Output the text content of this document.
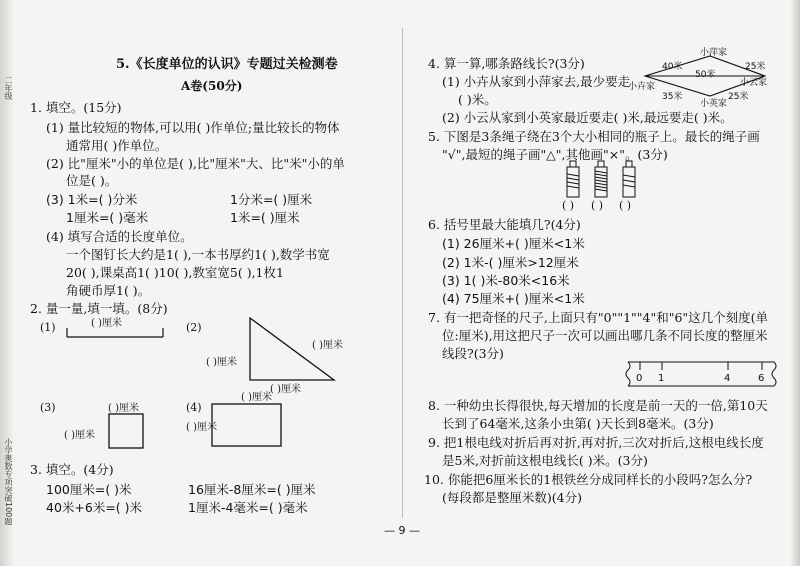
二年级
小学奥数专项突破100题
5.《长度单位的认识》专题过关检测卷
A卷(50分)
1. 填空。(15分)
(1) 量比较短的物体,可以用( )作单位;量比较长的物体
通常用( )作单位。
(2) 比"厘米"小的单位是( ),比"厘米"大、比"米"小的单
位是( )。
(3) 1米=( )分米	1分米=( )厘米
1厘米=( )毫米	1米=( )厘米
(4) 填写合适的长度单位。
一个图钉长大约是1( ),一本书厚约1( ),数学书宽
20( ),课桌高1( )10( ),教室宽5( ),1枚1
角硬币厚1( )。
2. 量一量,填一填。(8分)
(1)	(2)
(3)	(4)
( )厘米
( )厘米
( )厘米
( )厘米
( )厘米
( )厘米
( )厘米
( )厘米
3. 填空。(4分)
100厘米=( )米	16厘米-8厘米=( )厘米
40米+6米=( )米	1厘米-4毫米=( )毫米
4. 算一算,哪条路线长?(3分)
(1) 小卉从家到小萍家去,最少要走
( )米。
(2) 小云从家到小英家最近要走( )米,最远要走( )米。
小萍家
小卉家	小云家
小英家
40米	25米
50米
35米	25米
5. 下图是3条绳子绕在3个大小相同的瓶子上。最长的绳子画
"√",最短的绳子画"△",其他画"×"。(3分)
( ) ( ) ( )
6. 括号里最大能填几?(4分)
(1) 26厘米+( )厘米<1米
(2) 1米-( )厘米>12厘米
(3) 1( )米-80米<16米
(4) 75厘米+( )厘米<1米
7. 有一把奇怪的尺子,上面只有"0""1""4"和"6"这几个刻度(单
位:厘米),用这把尺子一次可以画出哪几条不同长度的整厘米
线段?(3分)
0 1	4	6
8. 一种幼虫长得很快,每天增加的长度是前一天的一倍,第10天
长到了64毫米,这条小虫第( )天长到8毫米。(3分)
9. 把1根电线对折后再对折,再对折,三次对折后,这根电线长度
是5米,对折前这根电线长( )米。(3分)
10. 你能把6厘米长的1根铁丝分成同样长的小段吗?怎么分?
(每段都是整厘米数)(4分)
— 9 —
